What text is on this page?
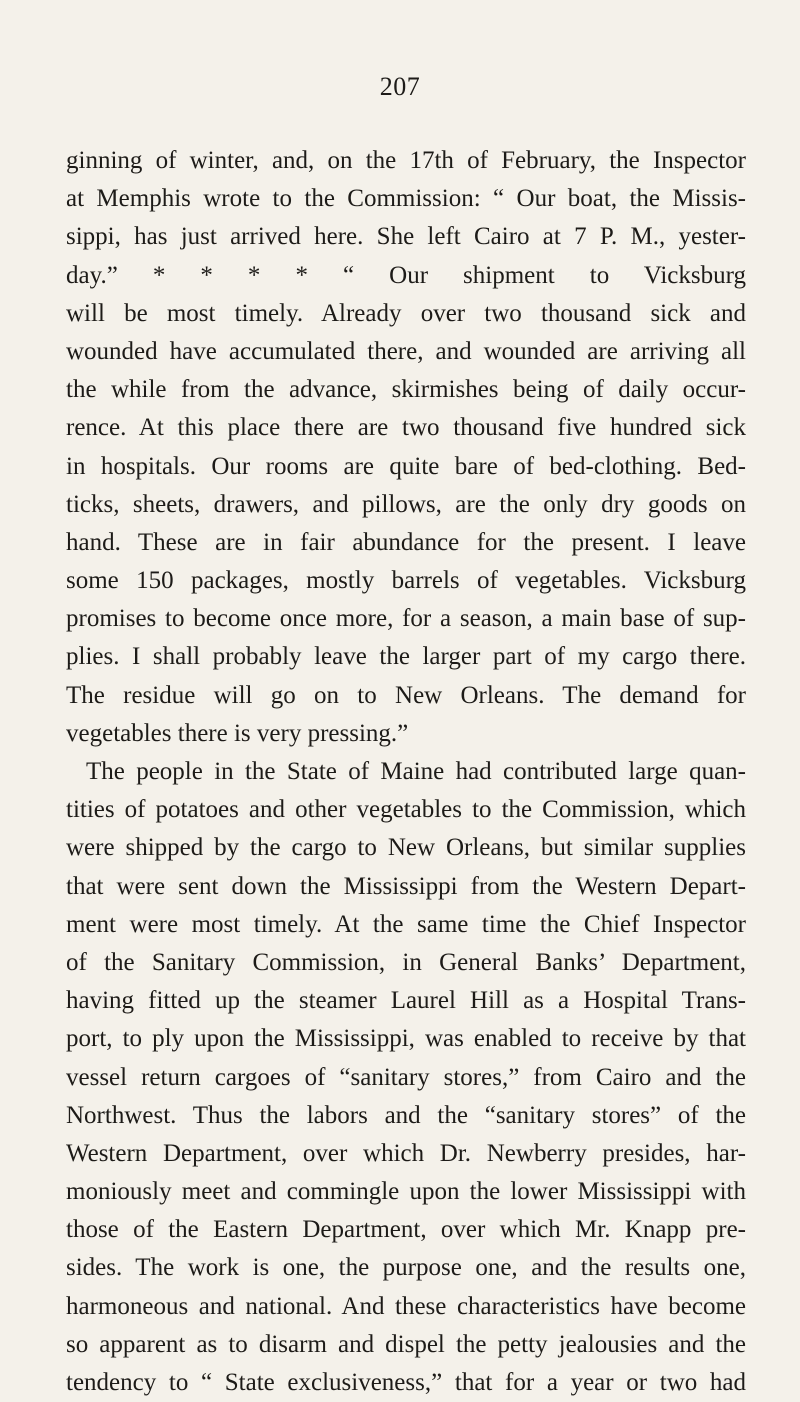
207
ginning of winter, and, on the 17th of February, the Inspector
at Memphis wrote to the Commission: “ Our boat, the Missis-
sippi, has just arrived here. She left Cairo at 7 P. M., yester-
day.” * * * * “ Our shipment to Vicksburg
will be most timely. Already over two thousand sick and
wounded have accumulated there, and wounded are arriving all
the while from the advance, skirmishes being of daily occur-
rence. At this place there are two thousand five hundred sick
in hospitals. Our rooms are quite bare of bed-clothing. Bed-
ticks, sheets, drawers, and pillows, are the only dry goods on
hand. These are in fair abundance for the present. I leave
some 150 packages, mostly barrels of vegetables. Vicksburg
promises to become once more, for a season, a main base of sup-
plies. I shall probably leave the larger part of my cargo there.
The residue will go on to New Orleans. The demand for
vegetables there is very pressing.”
The people in the State of Maine had contributed large quan-
tities of potatoes and other vegetables to the Commission, which
were shipped by the cargo to New Orleans, but similar supplies
that were sent down the Mississippi from the Western Depart-
ment were most timely. At the same time the Chief Inspector
of the Sanitary Commission, in General Banks’ Department,
having fitted up the steamer Laurel Hill as a Hospital Trans-
port, to ply upon the Mississippi, was enabled to receive by that
vessel return cargoes of “sanitary stores,” from Cairo and the
Northwest. Thus the labors and the “sanitary stores” of the
Western Department, over which Dr. Newberry presides, har-
moniously meet and commingle upon the lower Mississippi with
those of the Eastern Department, over which Mr. Knapp pre-
sides. The work is one, the purpose one, and the results one,
harmoneous and national. And these characteristics have become
so apparent as to disarm and dispel the petty jealousies and the
tendency to “ State exclusiveness,” that for a year or two had
